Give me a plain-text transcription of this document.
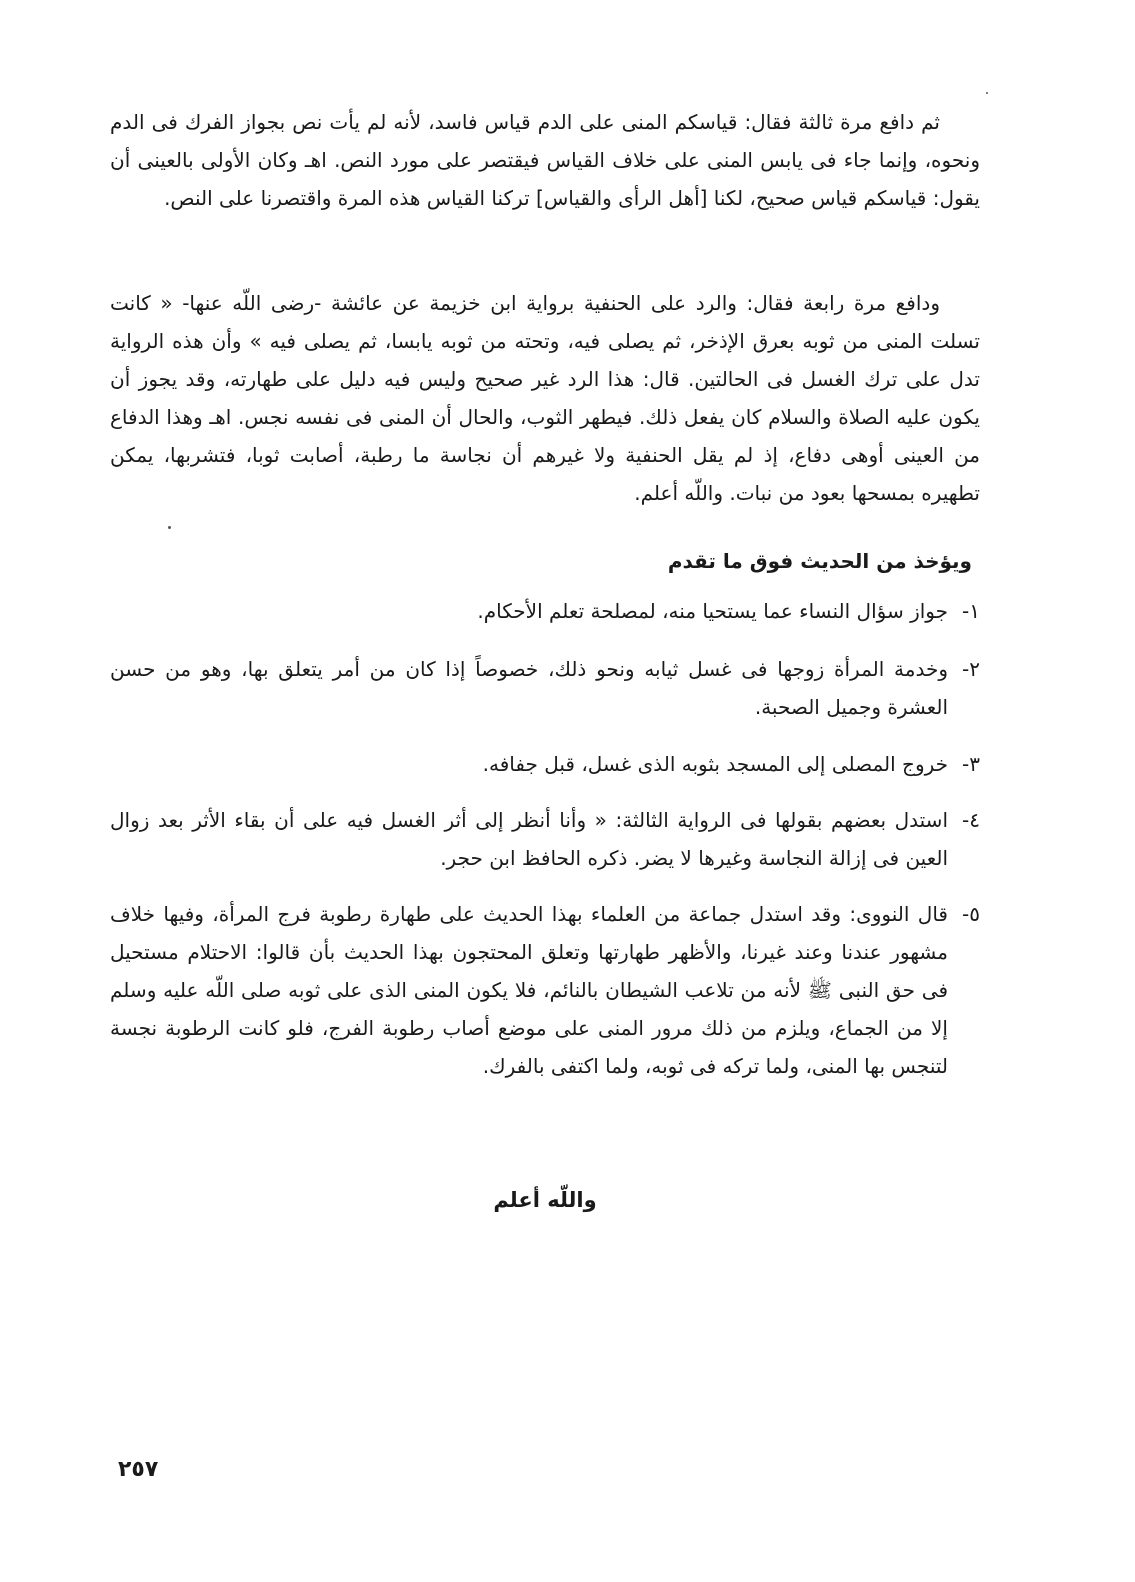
ثم دافع مرة ثالثة فقال: قياسكم المنى على الدم قياس فاسد، لأنه لم يأت نص بجواز الفرك فى الدم ونحوه، وإنما جاء فى يابس المنى على خلاف القياس فيقتصر على مورد النص. اهـ وكان الأولى بالعينى أن يقول: قياسكم قياس صحيح، لكنا [أهل الرأى والقياس] تركنا القياس هذه المرة واقتصرنا على النص.
ودافع مرة رابعة فقال: والرد على الحنفية برواية ابن خزيمة عن عائشة -رضى اللّه عنها- « كانت تسلت المنى من ثوبه بعرق الإذخر، ثم يصلى فيه، وتحته من ثوبه يابسا، ثم يصلى فيه » وأن هذه الرواية تدل على ترك الغسل فى الحالتين. قال: هذا الرد غير صحيح وليس فيه دليل على طهارته، وقد يجوز أن يكون عليه الصلاة والسلام كان يفعل ذلك. فيطهر الثوب، والحال أن المنى فى نفسه نجس. اهـ وهذا الدفاع من العينى أوهى دفاع، إذ لم يقل الحنفية ولا غيرهم أن نجاسة ما رطبة، أصابت ثوبا، فتشربها، يمكن تطهيره بمسحها بعود من نبات. واللّه أعلم.
ويؤخذ من الحديث فوق ما تقدم
١-
جواز سؤال النساء عما يستحيا منه، لمصلحة تعلم الأحكام.
٢-
وخدمة المرأة زوجها فى غسل ثيابه ونحو ذلك، خصوصاً إذا كان من أمر يتعلق بها، وهو من حسن العشرة وجميل الصحبة.
٣-
خروج المصلى إلى المسجد بثوبه الذى غسل، قبل جفافه.
٤-
استدل بعضهم بقولها فى الرواية الثالثة: « وأنا أنظر إلى أثر الغسل فيه على أن بقاء الأثر بعد زوال العين فى إزالة النجاسة وغيرها لا يضر. ذكره الحافظ ابن حجر.
٥-
قال النووى: وقد استدل جماعة من العلماء بهذا الحديث على طهارة رطوبة فرج المرأة، وفيها خلاف مشهور عندنا وعند غيرنا، والأظهر طهارتها وتعلق المحتجون بهذا الحديث بأن قالوا: الاحتلام مستحيل فى حق النبى ﷺ لأنه من تلاعب الشيطان بالنائم، فلا يكون المنى الذى على ثوبه صلى اللّه عليه وسلم إلا من الجماع، ويلزم من ذلك مرور المنى على موضع أصاب رطوبة الفرج، فلو كانت الرطوبة نجسة لتنجس بها المنى، ولما تركه فى ثوبه، ولما اكتفى بالفرك.
واللّه أعلم
٢٥٧
